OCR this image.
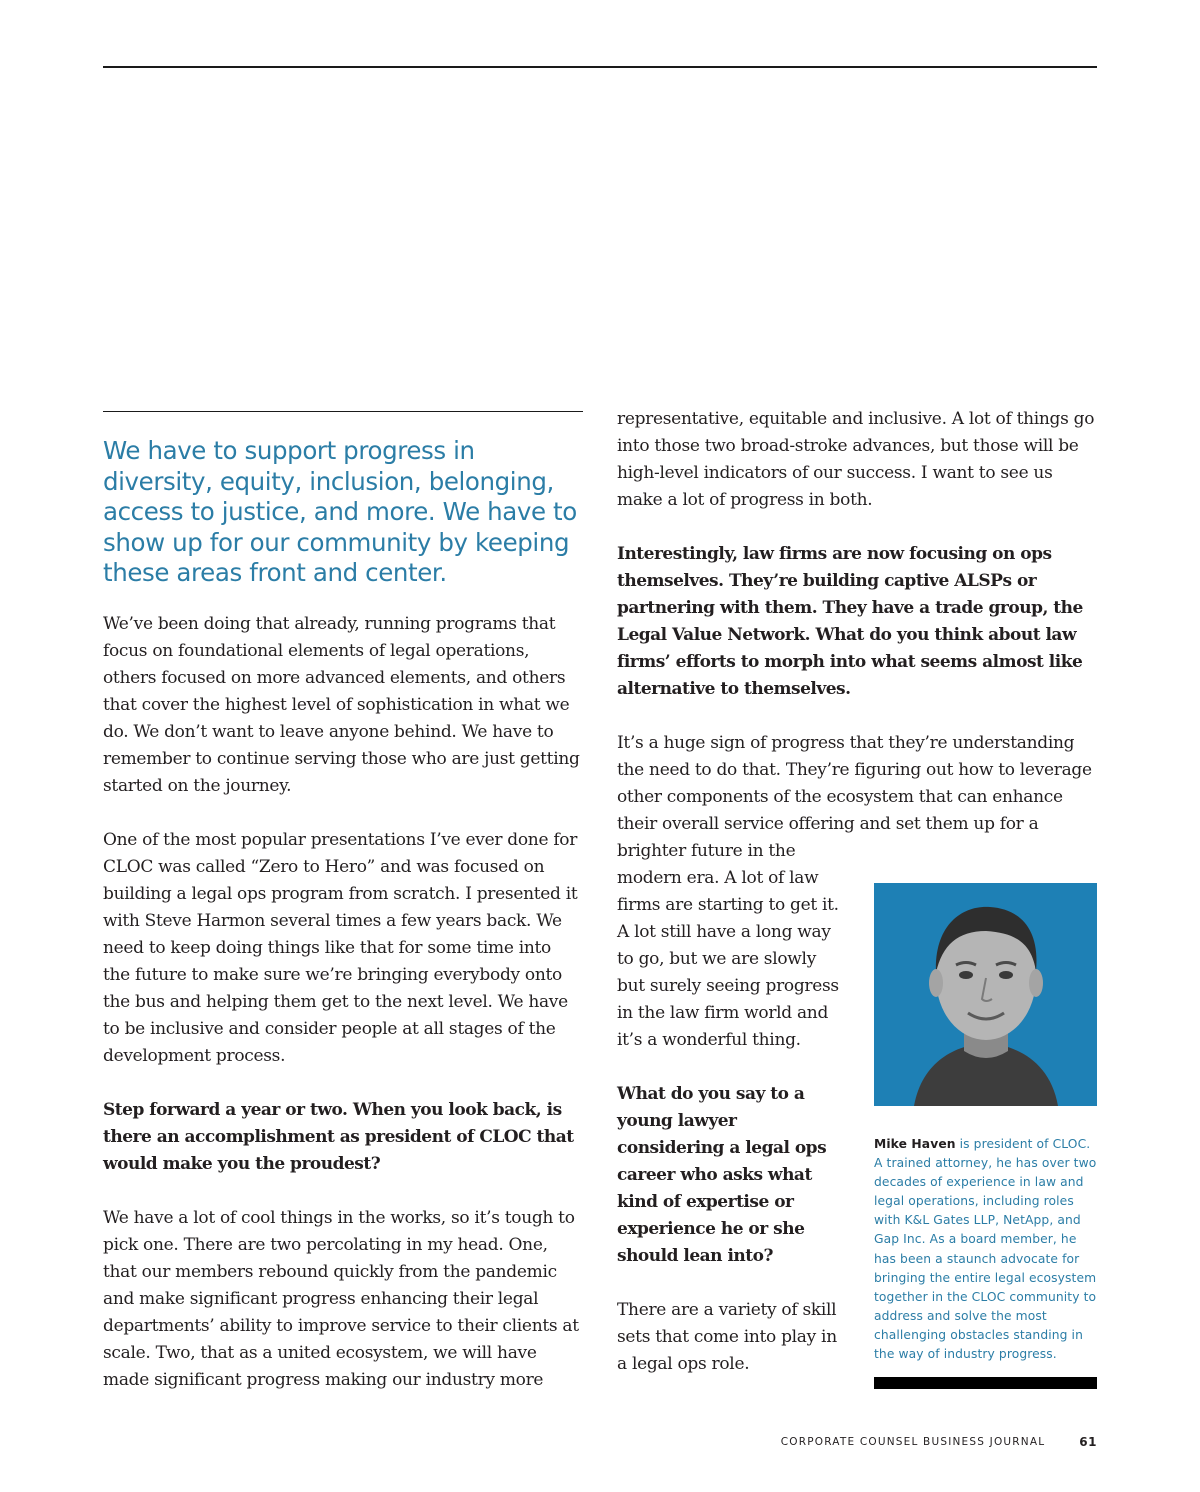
We have to support progress in diversity, equity, inclusion, belonging, access to justice, and more. We have to show up for our community by keeping these areas front and center.

We’ve been doing that already, running programs that focus on foundational elements of legal operations, others focused on more advanced elements, and others that cover the highest level of sophistication in what we do. We don’t want to leave anyone behind. We have to remember to continue serving those who are just getting started on the journey.

One of the most popular presentations I’ve ever done for CLOC was called “Zero to Hero” and was focused on building a legal ops program from scratch. I presented it with Steve Harmon several times a few years back. We need to keep doing things like that for some time into the future to make sure we’re bringing everybody onto the bus and helping them get to the next level. We have to be inclusive and consider people at all stages of the development process.

Step forward a year or two. When you look back, is there an accomplishment as president of CLOC that would make you the proudest?

We have a lot of cool things in the works, so it’s tough to pick one. There are two percolating in my head. One, that our members rebound quickly from the pandemic and make significant progress enhancing their legal departments’ ability to improve service to their clients at scale. Two, that as a united ecosystem, we will have made significant progress making our industry more

representative, equitable and inclusive. A lot of things go into those two broad-stroke advances, but those will be high-level indicators of our success. I want to see us make a lot of progress in both.

Interestingly, law firms are now focusing on ops themselves. They’re building captive ALSPs or partnering with them. They have a trade group, the Legal Value Network. What do you think about law firms’ efforts to morph into what seems almost like alternative to themselves.

It’s a huge sign of progress that they’re understanding the need to do that. They’re figuring out how to leverage other components of the ecosystem that can enhance their overall service offering and set them up for a

brighter future in the modern era. A lot of law firms are starting to get it. A lot still have a long way to go, but we are slowly but surely seeing progress in the law firm world and it’s a wonderful thing.

What do you say to a young lawyer considering a legal ops career who asks what kind of expertise or experience he or she should lean into?

There are a variety of skill sets that come into play in a legal ops role.

Mike Haven is president of CLOC. A trained attorney, he has over two decades of experience in law and legal operations, including roles with K&L Gates LLP, NetApp, and Gap Inc. As a board member, he has been a staunch advocate for bringing the entire legal ecosystem together in the CLOC community to address and solve the most challenging obstacles standing in the way of industry progress.
CORPORATE COUNSEL BUSINESS JOURNAL	61
